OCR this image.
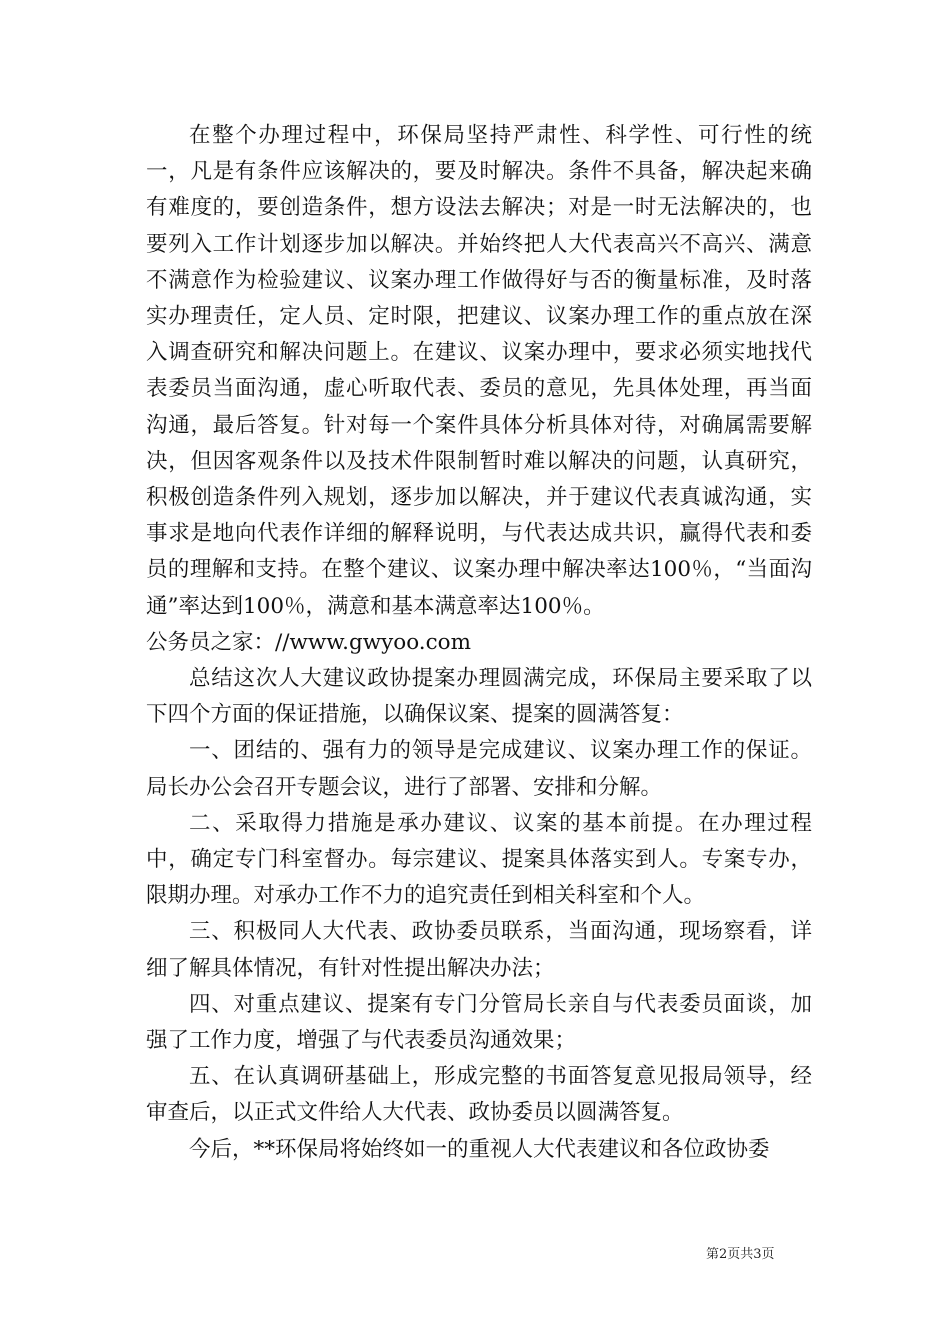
在整个办理过程中，环保局坚持严肃性、科学性、可行性的统一，凡是有条件应该解决的，要及时解决。条件不具备，解决起来确有难度的，要创造条件，想方设法去解决；对是一时无法解决的，也要列入工作计划逐步加以解决。并始终把人大代表高兴不高兴、满意不满意作为检验建议、议案办理工作做得好与否的衡量标准，及时落实办理责任，定人员、定时限，把建议、议案办理工作的重点放在深入调查研究和解决问题上。在建议、议案办理中，要求必须实地找代表委员当面沟通，虚心听取代表、委员的意见，先具体处理，再当面沟通，最后答复。针对每一个案件具体分析具体对待，对确属需要解决，但因客观条件以及技术件限制暂时难以解决的问题，认真研究，积极创造条件列入规划，逐步加以解决，并于建议代表真诚沟通，实事求是地向代表作详细的解释说明，与代表达成共识，赢得代表和委员的理解和支持。在整个建议、议案办理中解决率达100％，“当面沟通”率达到100％，满意和基本满意率达100％。

公务员之家：//www.gwyoo.com

总结这次人大建议政协提案办理圆满完成，环保局主要采取了以下四个方面的保证措施，以确保议案、提案的圆满答复：

一、团结的、强有力的领导是完成建议、议案办理工作的保证。局长办公会召开专题会议，进行了部署、安排和分解。

二、采取得力措施是承办建议、议案的基本前提。在办理过程中，确定专门科室督办。每宗建议、提案具体落实到人。专案专办，限期办理。对承办工作不力的追究责任到相关科室和个人。

三、积极同人大代表、政协委员联系，当面沟通，现场察看，详细了解具体情况，有针对性提出解决办法；

四、对重点建议、提案有专门分管局长亲自与代表委员面谈，加强了工作力度，增强了与代表委员沟通效果；

五、在认真调研基础上，形成完整的书面答复意见报局领导，经审查后，以正式文件给人大代表、政协委员以圆满答复。

今后，**环保局将始终如一的重视人大代表建议和各位政协委

第2页共3页
